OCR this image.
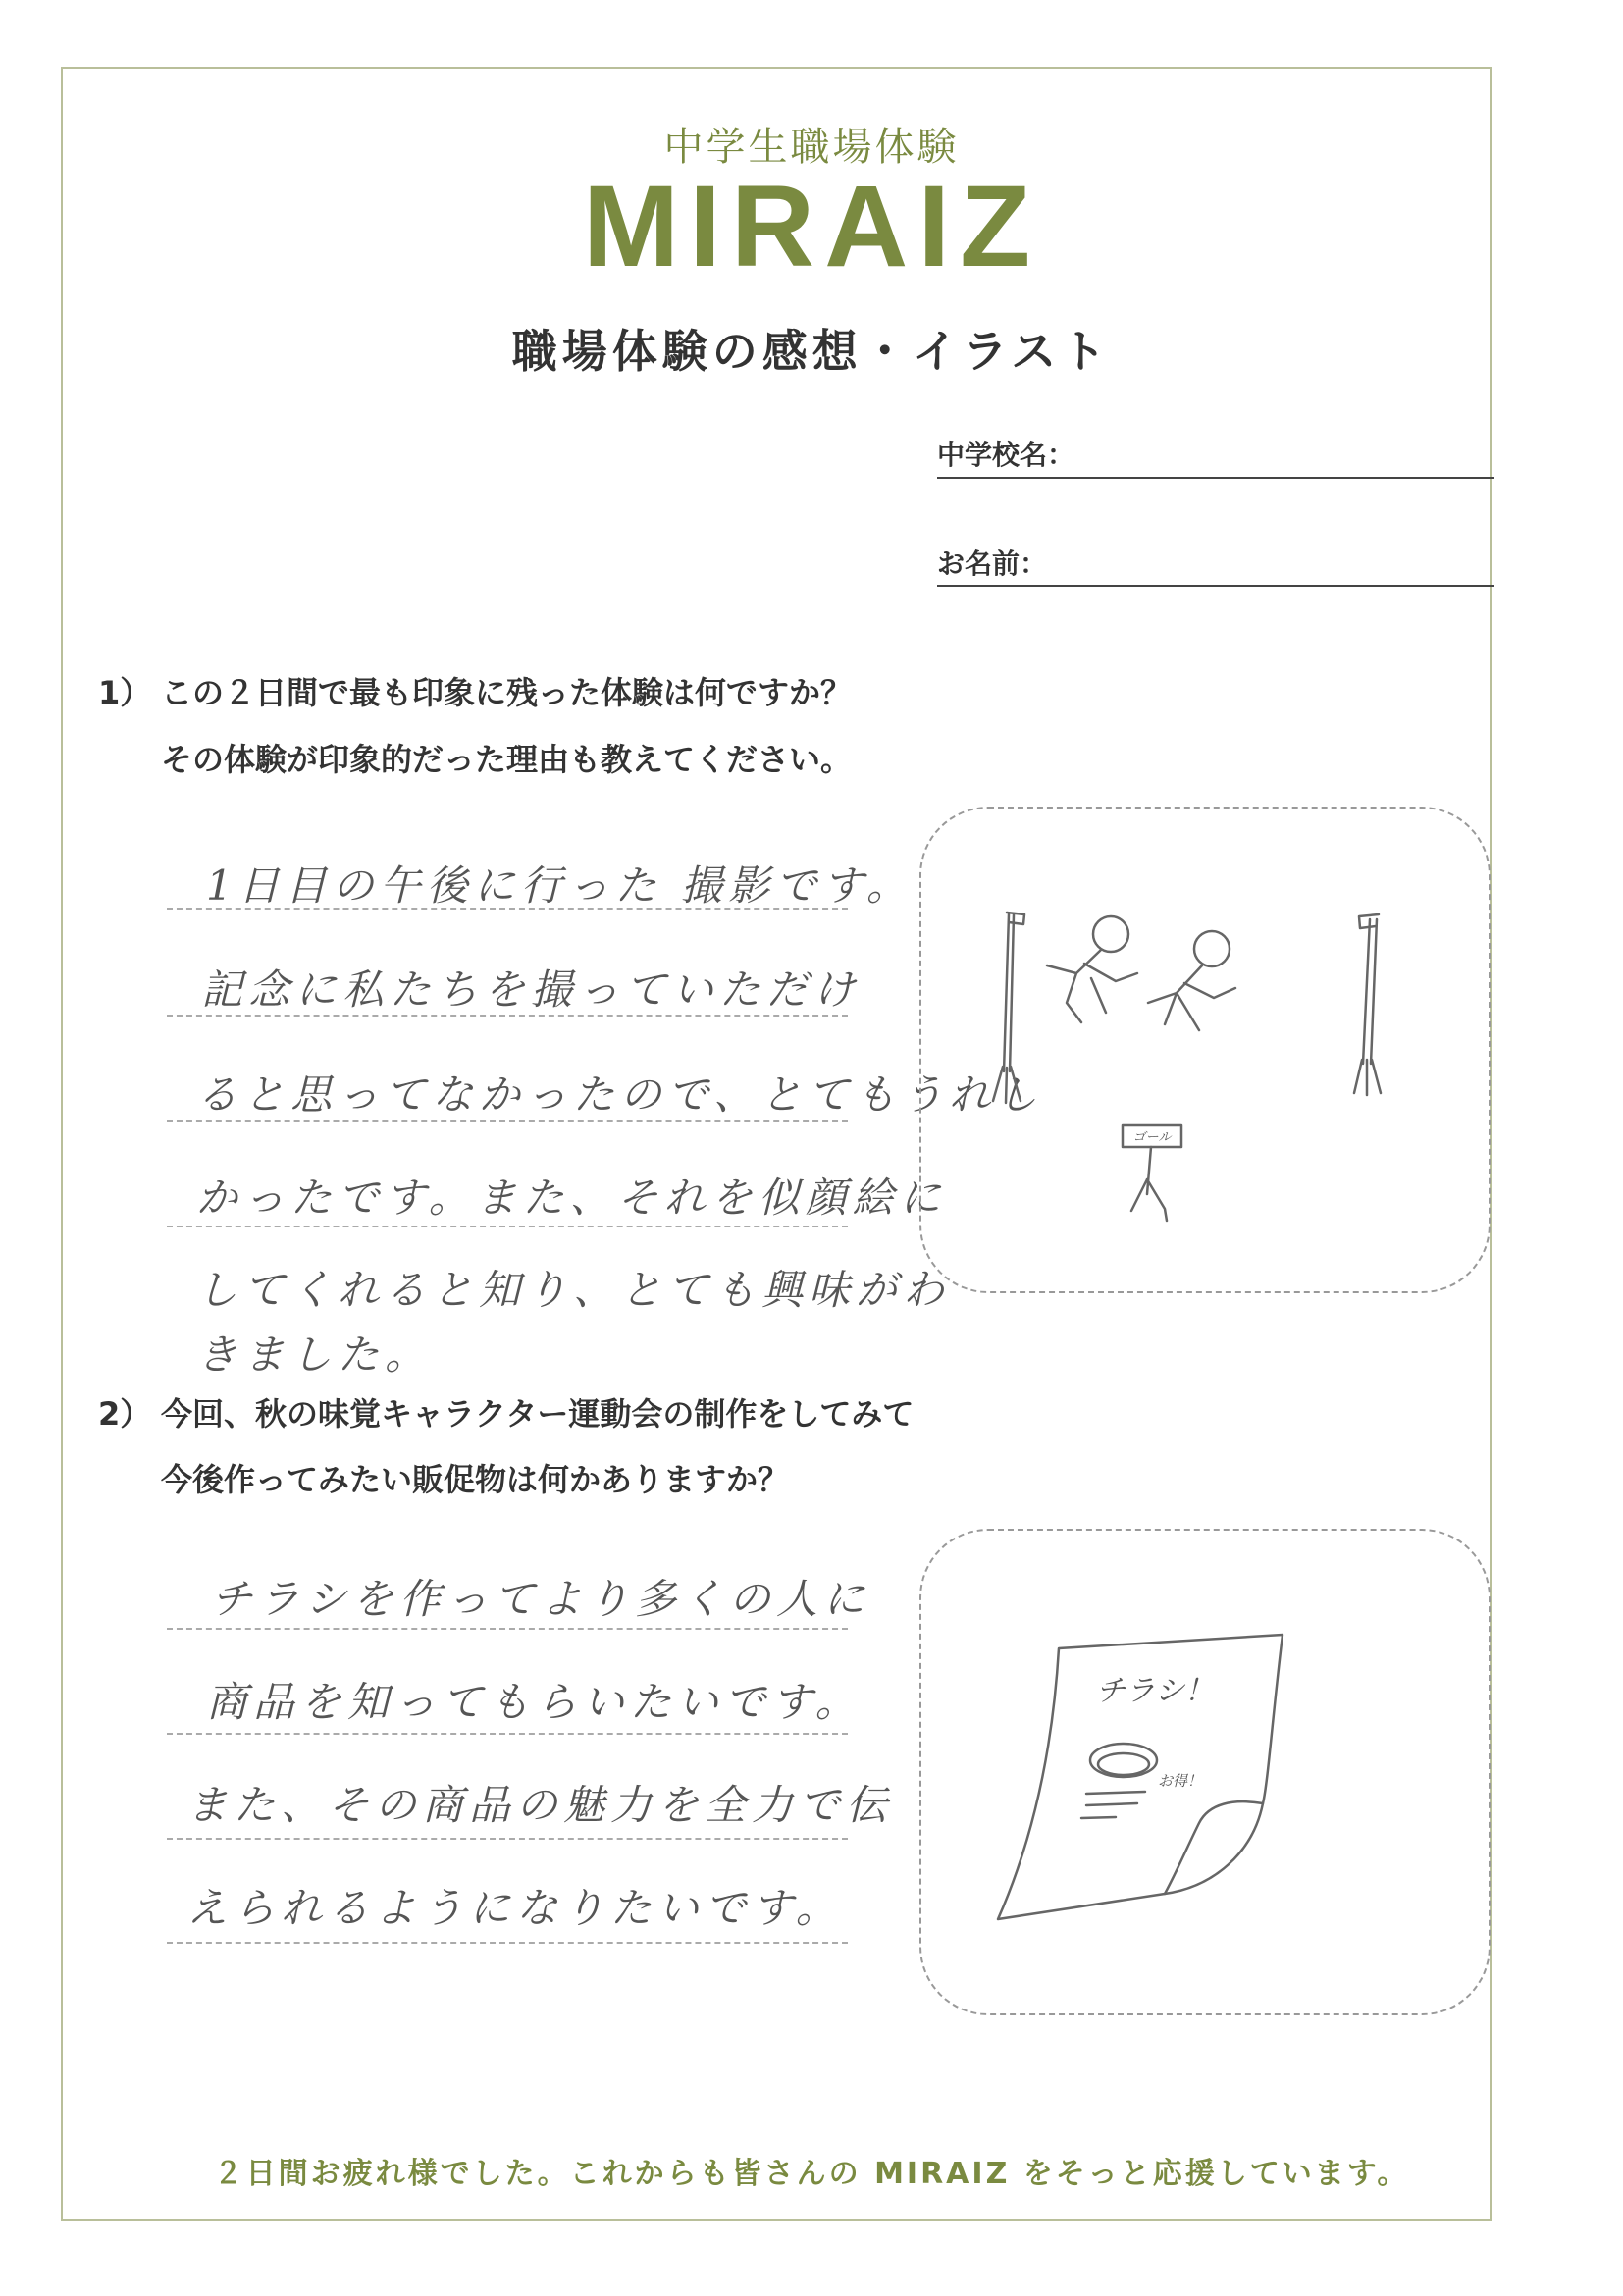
中学生職場体験
MIRAIZ
職場体験の感想・イラスト
中学校名：
お名前：
1） この２日間で最も印象に残った体験は何ですか？
その体験が印象的だった理由も教えてください。
1日目の午後に行った 撮影です。
記念に私たちを撮っていただけ
ると思ってなかったので、とてもうれし
かったです。また、それを似顔絵に
してくれると知り、とても興味がわ
きました。
ゴール
2） 今回、秋の味覚キャラクター運動会の制作をしてみて
今後作ってみたい販促物は何かありますか？
チラシを作ってより多くの人に
商品を知ってもらいたいです。
また、その商品の魅力を全力で伝
えられるようになりたいです。
チラシ！
お得！
２日間お疲れ様でした。これからも皆さんの MIRAIZ をそっと応援しています。
